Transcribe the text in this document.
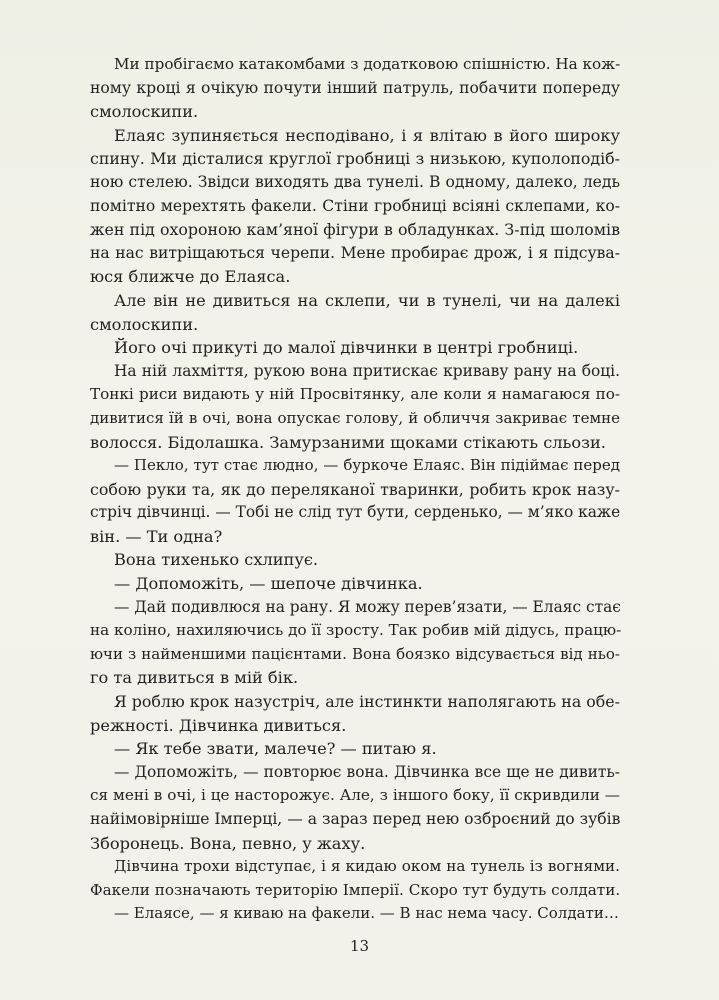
Ми пробігаємо катакомбами з додатковою спішністю. На кож-
ному кроці я очікую почути інший патруль, побачити попереду
смолоскипи.
Елаяс зупиняється несподівано, і я влітаю в його широку
спину. Ми дісталися круглої гробниці з низькою, куполоподіб-
ною стелею. Звідси виходять два тунелі. В одному, далеко, ледь
помітно мерехтять факели. Стіни гробниці всіяні склепами, ко-
жен під охороною кам’яної фігури в обладунках. З-під шоломів
на нас витріщаються черепи. Мене пробирає дрож, і я підсува-
юся ближче до Елаяса.
Але він не дивиться на склепи, чи в тунелі, чи на далекі
смолоскипи.
Його очі прикуті до малої дівчинки в центрі гробниці.
На ній лахміття, рукою вона притискає криваву рану на боці.
Тонкі риси видають у ній Просвітянку, але коли я намагаюся по-
дивитися їй в очі, вона опускає голову, й обличчя закриває темне
волосся. Бідолашка. Замурзаними щоками стікають сльози.
— Пекло, тут стає людно, — буркоче Елаяс. Він підіймає перед
собою руки та, як до переляканої тваринки, робить крок назу-
стріч дівчинці. — Тобі не слід тут бути, серденько, — м’яко каже
він. — Ти одна?
Вона тихенько схлипує.
— Допоможіть, — шепоче дівчинка.
— Дай подивлюся на рану. Я можу перев’язати, — Елаяс стає
на коліно, нахиляючись до її зросту. Так робив мій дідусь, працю-
ючи з найменшими пацієнтами. Вона боязко відсувається від ньо-
го та дивиться в мій бік.
Я роблю крок назустріч, але інстинкти наполягають на обе-
режності. Дівчинка дивиться.
— Як тебе звати, малече? — питаю я.
— Допоможіть, — повторює вона. Дівчинка все ще не дивить-
ся мені в очі, і це насторожує. Але, з іншого боку, її скривдили —
найімовірніше Імперці, — а зараз перед нею озброєний до зубів
Зборонець. Вона, певно, у жаху.
Дівчина трохи відступає, і я кидаю оком на тунель із вогнями.
Факели позначають територію Імперії. Скоро тут будуть солдати.
— Елаясе, — я киваю на факели. — В нас нема часу. Солдати…
13
